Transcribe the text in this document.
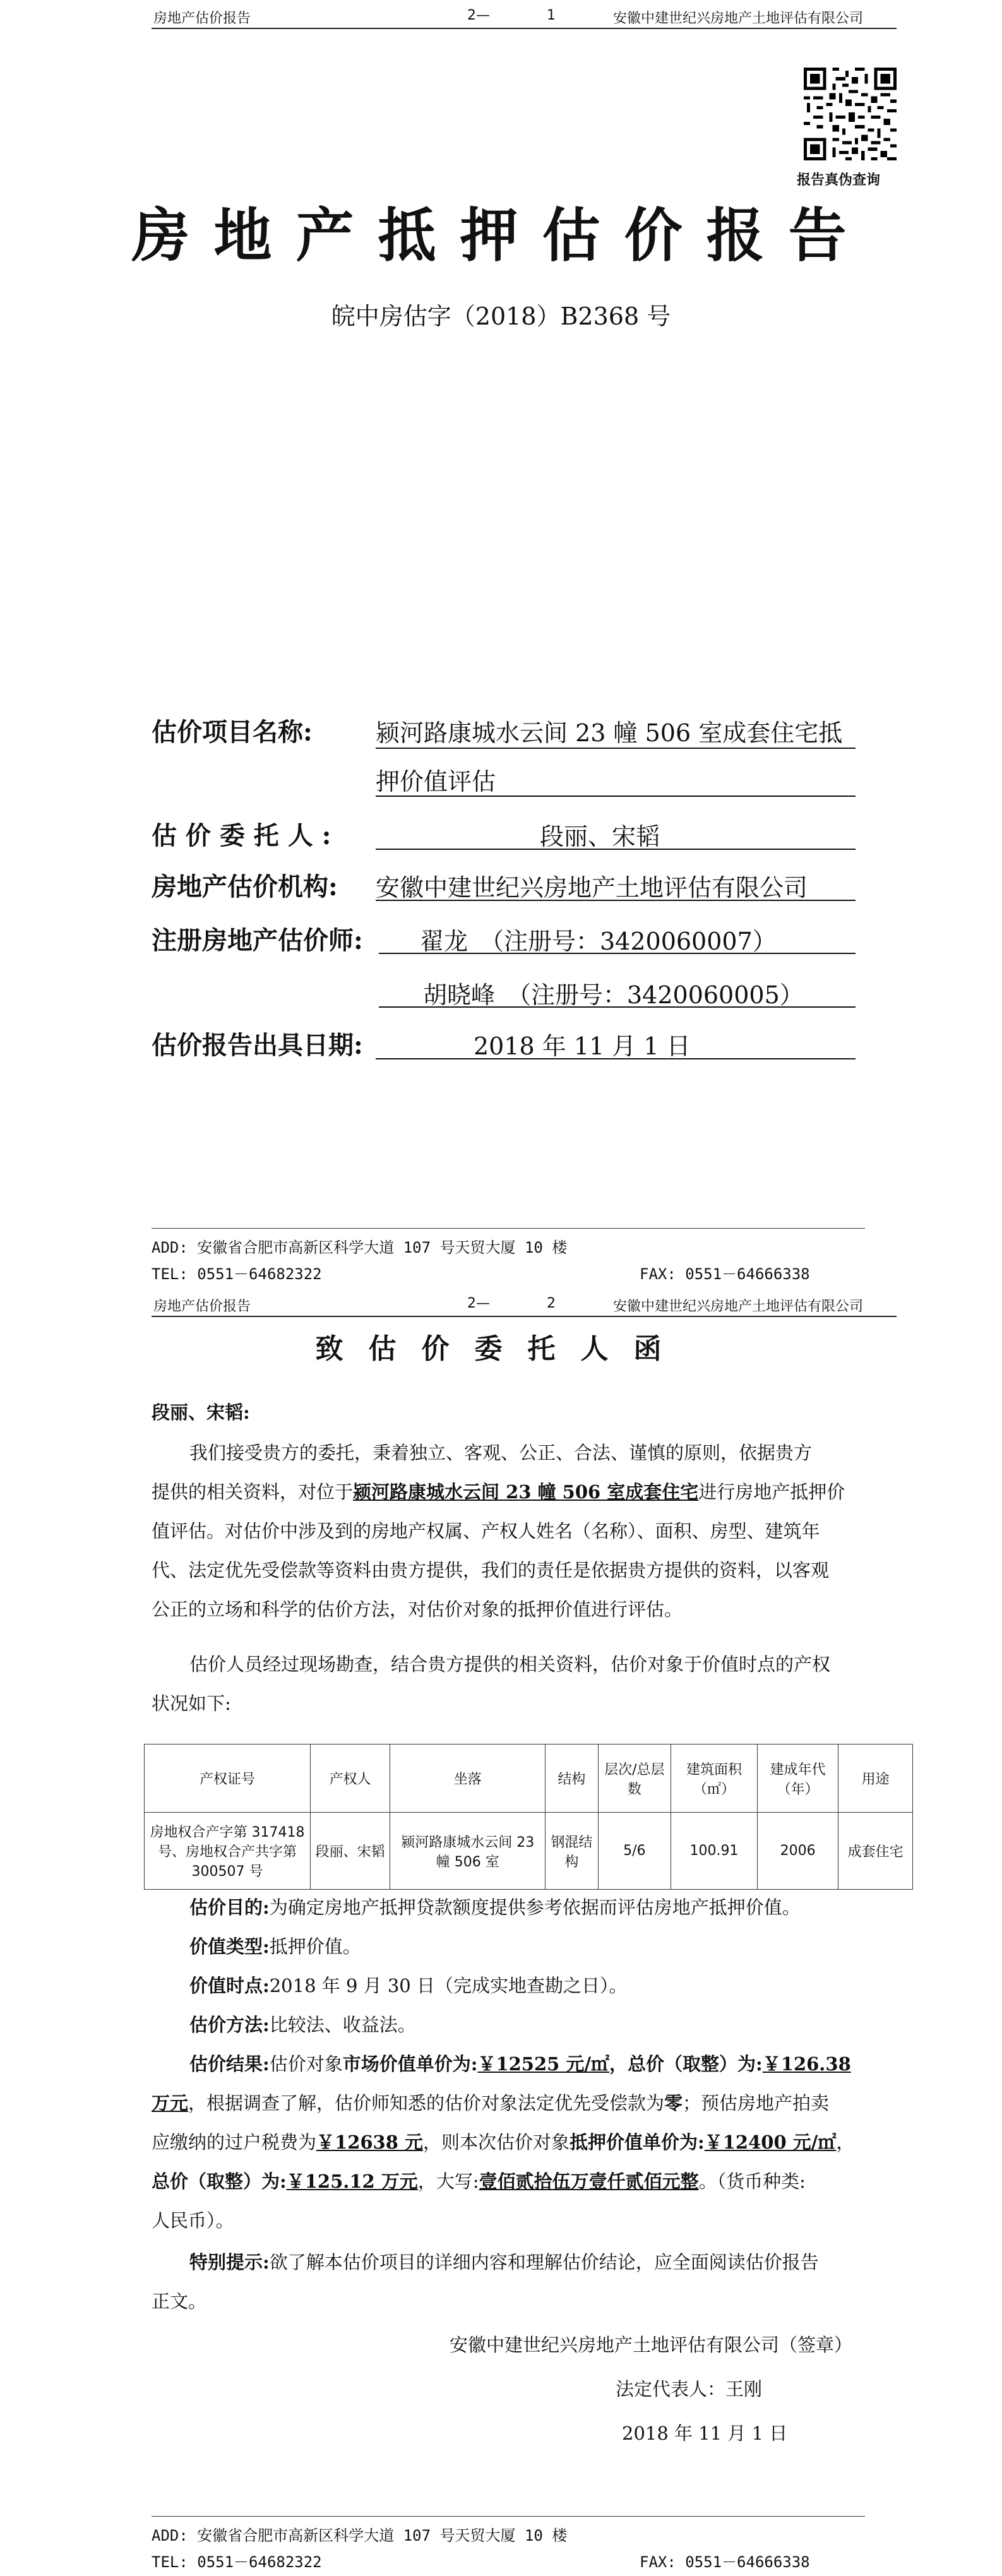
房地产估价报告	2—	1	安徽中建世纪兴房地产土地评估有限公司
报告真伪查询
房地产抵押估价报告
皖中房估字（2018）B2368 号
估价项目名称:	颍河路康城水云间 23 幢 506 室成套住宅抵
押价值评估
估 价 委 托 人 :	段丽、宋韬
房地产估价机构: 安徽中建世纪兴房地产土地评估有限公司
注册房地产估价师: 翟龙　（注册号：3420060007）
胡晓峰　（注册号：3420060005）
估价报告出具日期:	2018 年 11 月 1 日
ADD: 安徽省合肥市高新区科学大道 107 号天贸大厦 10 楼
TEL: 0551－64682322	FAX: 0551－64666338
房地产估价报告	2—	2	安徽中建世纪兴房地产土地评估有限公司
致估价委托人函
段丽、宋韬:
我们接受贵方的委托，秉着独立、客观、公正、合法、谨慎的原则，依据贵方
提供的相关资料，对位于颍河路康城水云间 23 幢 506 室成套住宅进行房地产抵押价
值评估。对估价中涉及到的房地产权属、产权人姓名（名称）、面积、房型、建筑年
代、法定优先受偿款等资料由贵方提供，我们的责任是依据贵方提供的资料，以客观
公正的立场和科学的估价方法，对估价对象的抵押价值进行评估。
估价人员经过现场勘查，结合贵方提供的相关资料，估价对象于价值时点的产权
状况如下:
产权证号	产权人	坐落	结构	层次/总层数	建筑面积（㎡）	建成年代（年）	用途
房地权合产字第 317418 号、房地权合产共字第 300507 号	段丽、宋韬	颍河路康城水云间 23 幢 506 室	钢混结构	5/6	100.91	2006	成套住宅
估价目的:为确定房地产抵押贷款额度提供参考依据而评估房地产抵押价值。
价值类型:抵押价值。
价值时点:2018 年 9 月 30 日（完成实地查勘之日）。
估价方法:比较法、收益法。
估价结果:估价对象市场价值单价为:￥12525 元/㎡，总价（取整）为:￥126.38
万元，根据调查了解，估价师知悉的估价对象法定优先受偿款为零；预估房地产拍卖
应缴纳的过户税费为￥12638 元，则本次估价对象抵押价值单价为:￥12400 元/㎡，
总价（取整）为:￥125.12 万元，大写:壹佰贰拾伍万壹仟贰佰元整。（货币种类:
人民币）。
特别提示:欲了解本估价项目的详细内容和理解估价结论，应全面阅读估价报告
正文。
安徽中建世纪兴房地产土地评估有限公司（签章）
法定代表人：王刚
2018 年 11 月 1 日
ADD: 安徽省合肥市高新区科学大道 107 号天贸大厦 10 楼
TEL: 0551－64682322	FAX: 0551－64666338
